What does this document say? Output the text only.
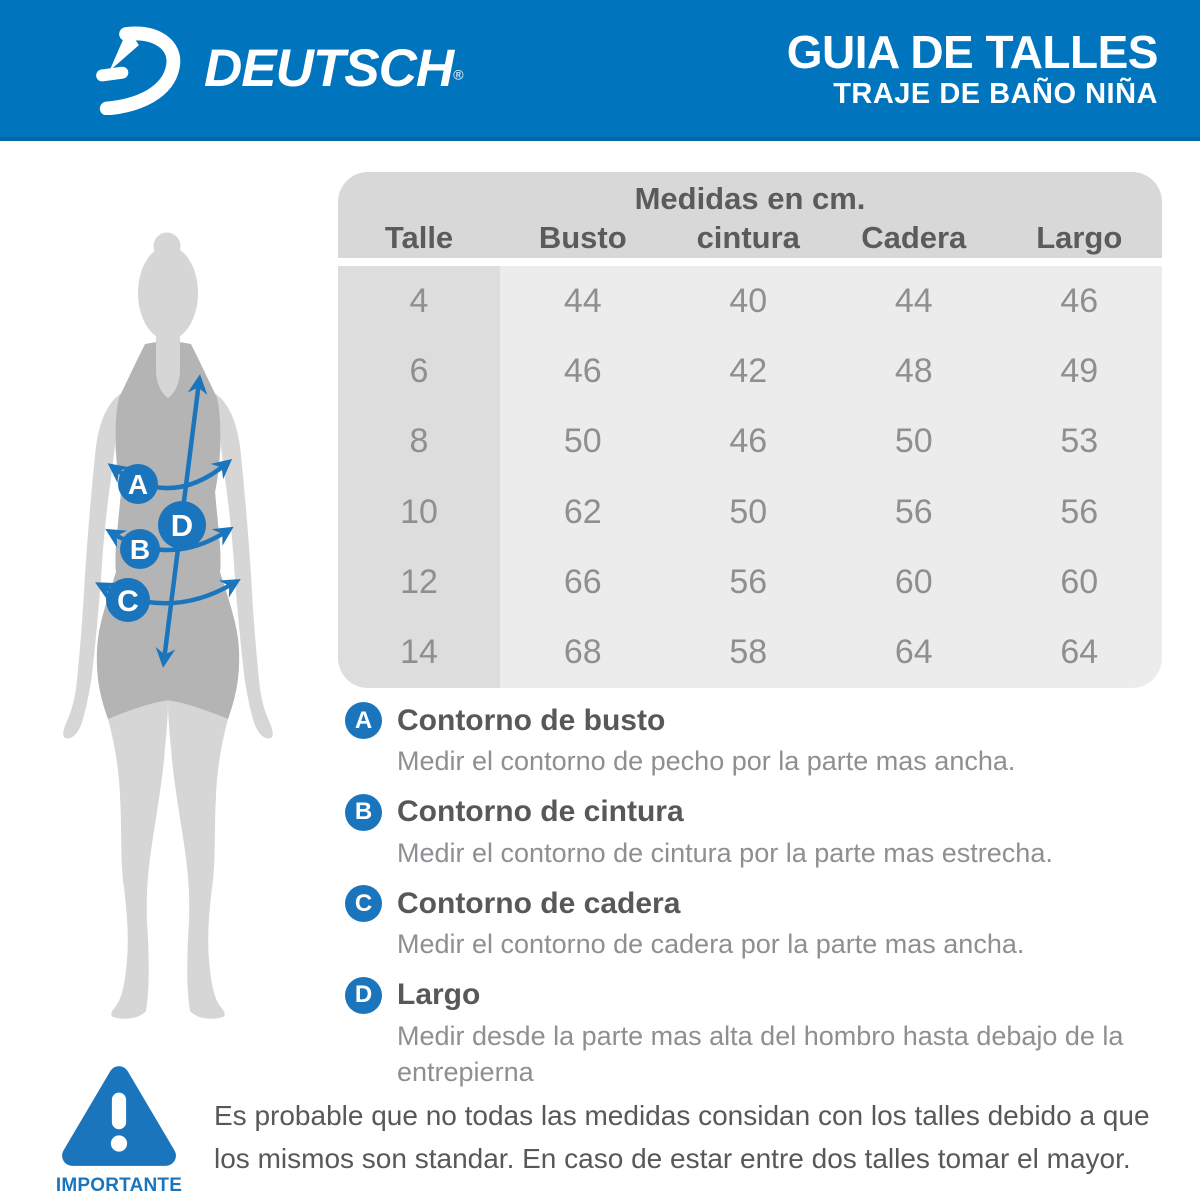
DEUTSCH®	GUIA DE TALLES
TRAJE DE BAÑO NIÑA
A
D
B
C
Medidas en cm.
Talle	Busto	cintura	Cadera	Largo
4	44	40	44	46
6	46	42	48	49
8	50	46	50	53
10	62	50	56	56
12	66	56	60	60
14	68	58	64	64
A Contorno de busto
Medir el contorno de pecho por la parte mas ancha.
B Contorno de cintura
Medir el contorno de cintura por la parte mas estrecha.
C Contorno de cadera
Medir el contorno de cadera por la parte mas ancha.
D Largo
Medir desde la parte mas alta del hombro hasta debajo de la entrepierna
IMPORTANTE
Es probable que no todas las medidas considan con los talles debido a que los mismos son standar. En caso de estar entre dos talles tomar el mayor.
